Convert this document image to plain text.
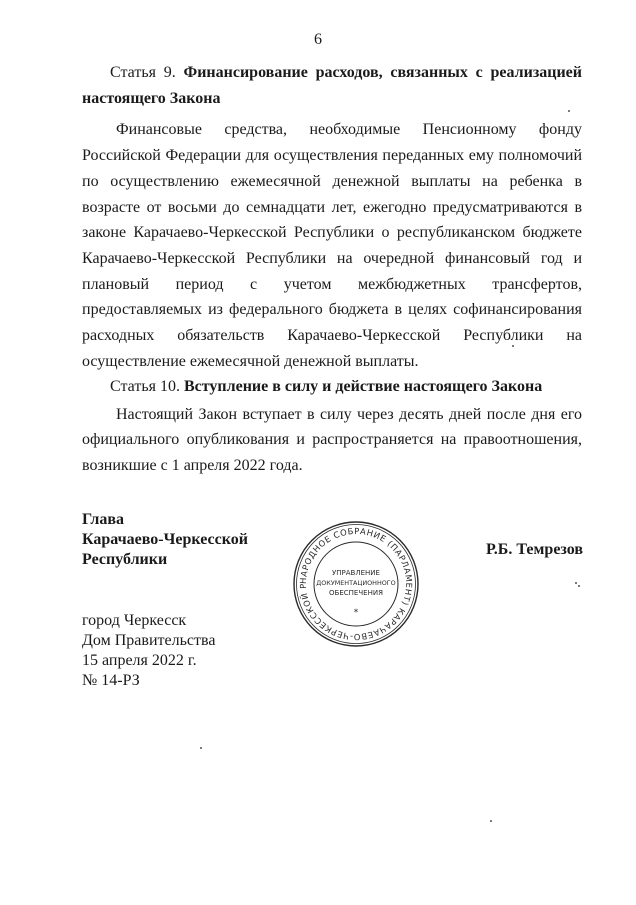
6
Статья 9. Финансирование расходов, связанных с реализацией настоящего Закона
Финансовые средства, необходимые Пенсионному фонду Российской Федерации для осуществления переданных ему полномочий по осуществлению ежемесячной денежной выплаты на ребенка в возрасте от восьми до семнадцати лет, ежегодно предусматриваются в законе Карачаево-Черкесской Республики о республиканском бюджете Карачаево-Черкесской Республики на очередной финансовый год и плановый период с учетом межбюджетных трансфертов, предоставляемых из федерального бюджета в целях софинансирования расходных обязательств Карачаево-Черкесской Республики на осуществление ежемесячной денежной выплаты.
Статья 10. Вступление в силу и действие настоящего Закона
Настоящий Закон вступает в силу через десять дней после дня его официального опубликования и распространяется на правоотношения, возникшие с 1 апреля 2022 года.
Глава
Карачаево-Черкесской
Республики
Р.Б. Темрезов
НАРОДНОЕ СОБРАНИЕ (ПАРЛАМЕНТ) КАРАЧАЕВО-ЧЕРКЕССКОЙ Р
УПРАВЛЕНИЕ
ДОКУМЕНТАЦИОННОГО
ОБЕСПЕЧЕНИЯ
*
город Черкесск
Дом Правительства
15 апреля 2022 г.
№ 14-РЗ
